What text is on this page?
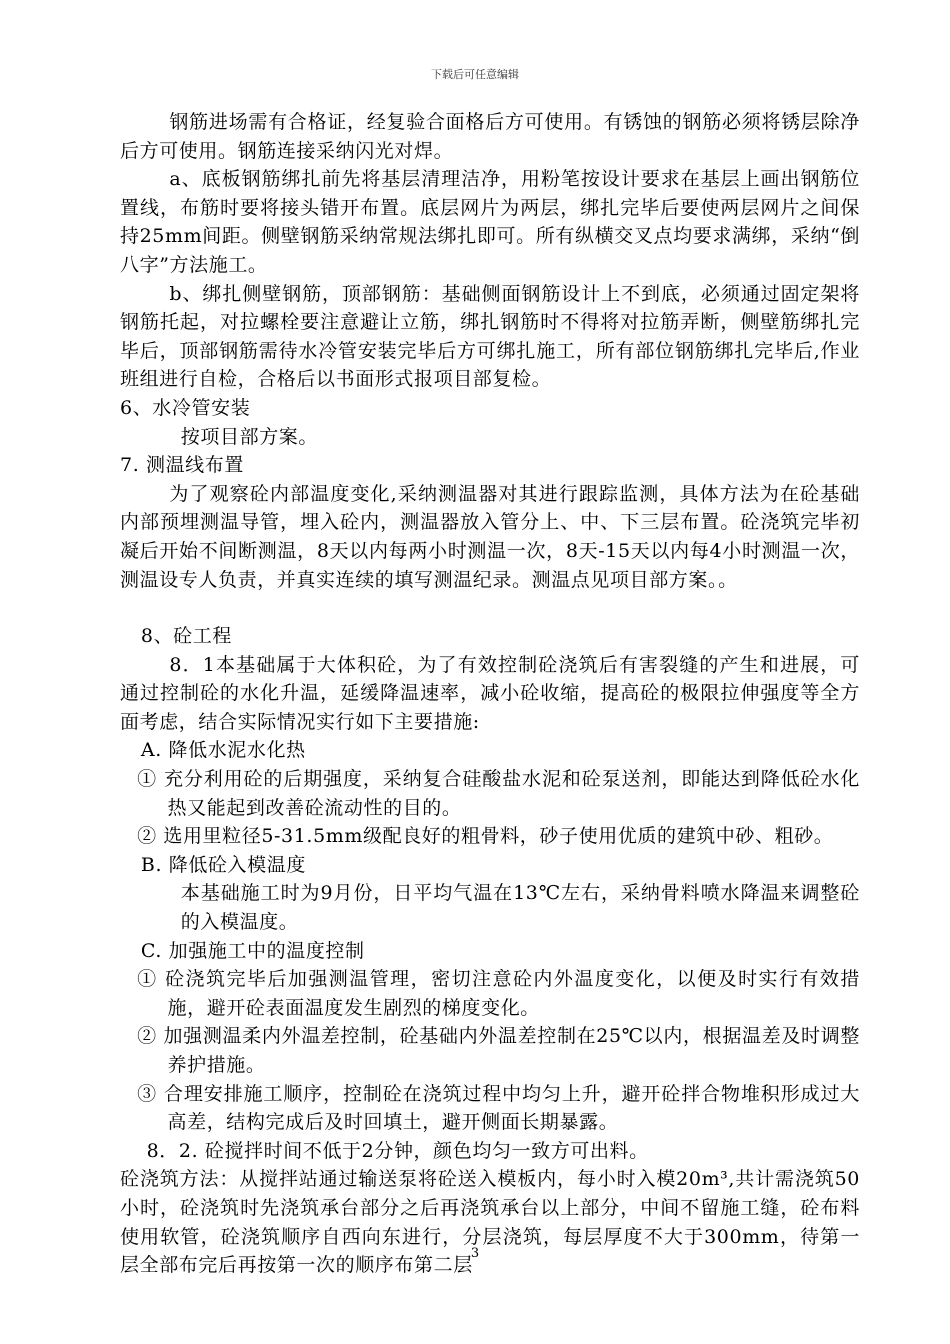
下载后可任意编辑

钢筋进场需有合格证，经复验合面格后方可使用。有锈蚀的钢筋必须将锈层除净后方可使用。钢筋连接采纳闪光对焊。

a、底板钢筋绑扎前先将基层清理洁净，用粉笔按设计要求在基层上画出钢筋位置线，布筋时要将接头错开布置。底层网片为两层，绑扎完毕后要使两层网片之间保持25mm间距。侧壁钢筋采纳常规法绑扎即可。所有纵横交叉点均要求满绑，采纳“倒八字”方法施工。

b、绑扎侧壁钢筋，顶部钢筋：基础侧面钢筋设计上不到底，必须通过固定架将钢筋托起，对拉螺栓要注意避让立筋，绑扎钢筋时不得将对拉筋弄断，侧壁筋绑扎完毕后，顶部钢筋需待水冷管安装完毕后方可绑扎施工，所有部位钢筋绑扎完毕后,作业班组进行自检，合格后以书面形式报项目部复检。

6、水冷管安装

按项目部方案。

7. 测温线布置

为了观察砼内部温度变化,采纳测温器对其进行跟踪监测，具体方法为在砼基础内部预埋测温导管，埋入砼内，测温器放入管分上、中、下三层布置。砼浇筑完毕初凝后开始不间断测温，8天以内每两小时测温一次，8天-15天以内每4小时测温一次，测温设专人负责，并真实连续的填写测温纪录。测温点见项目部方案。。

8、砼工程

8．1本基础属于大体积砼，为了有效控制砼浇筑后有害裂缝的产生和进展，可通过控制砼的水化升温，延缓降温速率，减小砼收缩，提高砼的极限拉伸强度等全方面考虑，结合实际情况实行如下主要措施:

A. 降低水泥水化热

① 充分利用砼的后期强度，采纳复合硅酸盐水泥和砼泵送剂，即能达到降低砼水化热又能起到改善砼流动性的目的。

② 选用里粒径5-31.5mm级配良好的粗骨料，砂子使用优质的建筑中砂、粗砂。

B. 降低砼入模温度

本基础施工时为9月份，日平均气温在13℃左右，采纳骨料喷水降温来调整砼的入模温度。

C. 加强施工中的温度控制

① 砼浇筑完毕后加强测温管理，密切注意砼内外温度变化，以便及时实行有效措施，避开砼表面温度发生剧烈的梯度变化。

② 加强测温柔内外温差控制，砼基础内外温差控制在25℃以内，根据温差及时调整养护措施。

③ 合理安排施工顺序，控制砼在浇筑过程中均匀上升，避开砼拌合物堆积形成过大高差，结构完成后及时回填土，避开侧面长期暴露。

8．2. 砼搅拌时间不低于2分钟，颜色均匀一致方可出料。

砼浇筑方法：从搅拌站通过输送泵将砼送入模板内，每小时入模20m³,共计需浇筑50小时，砼浇筑时先浇筑承台部分之后再浇筑承台以上部分，中间不留施工缝，砼布料使用软管，砼浇筑顺序自西向东进行，分层浇筑，每层厚度不大于300mm，待第一层全部布完后再按第一次的顺序布第二层

3
